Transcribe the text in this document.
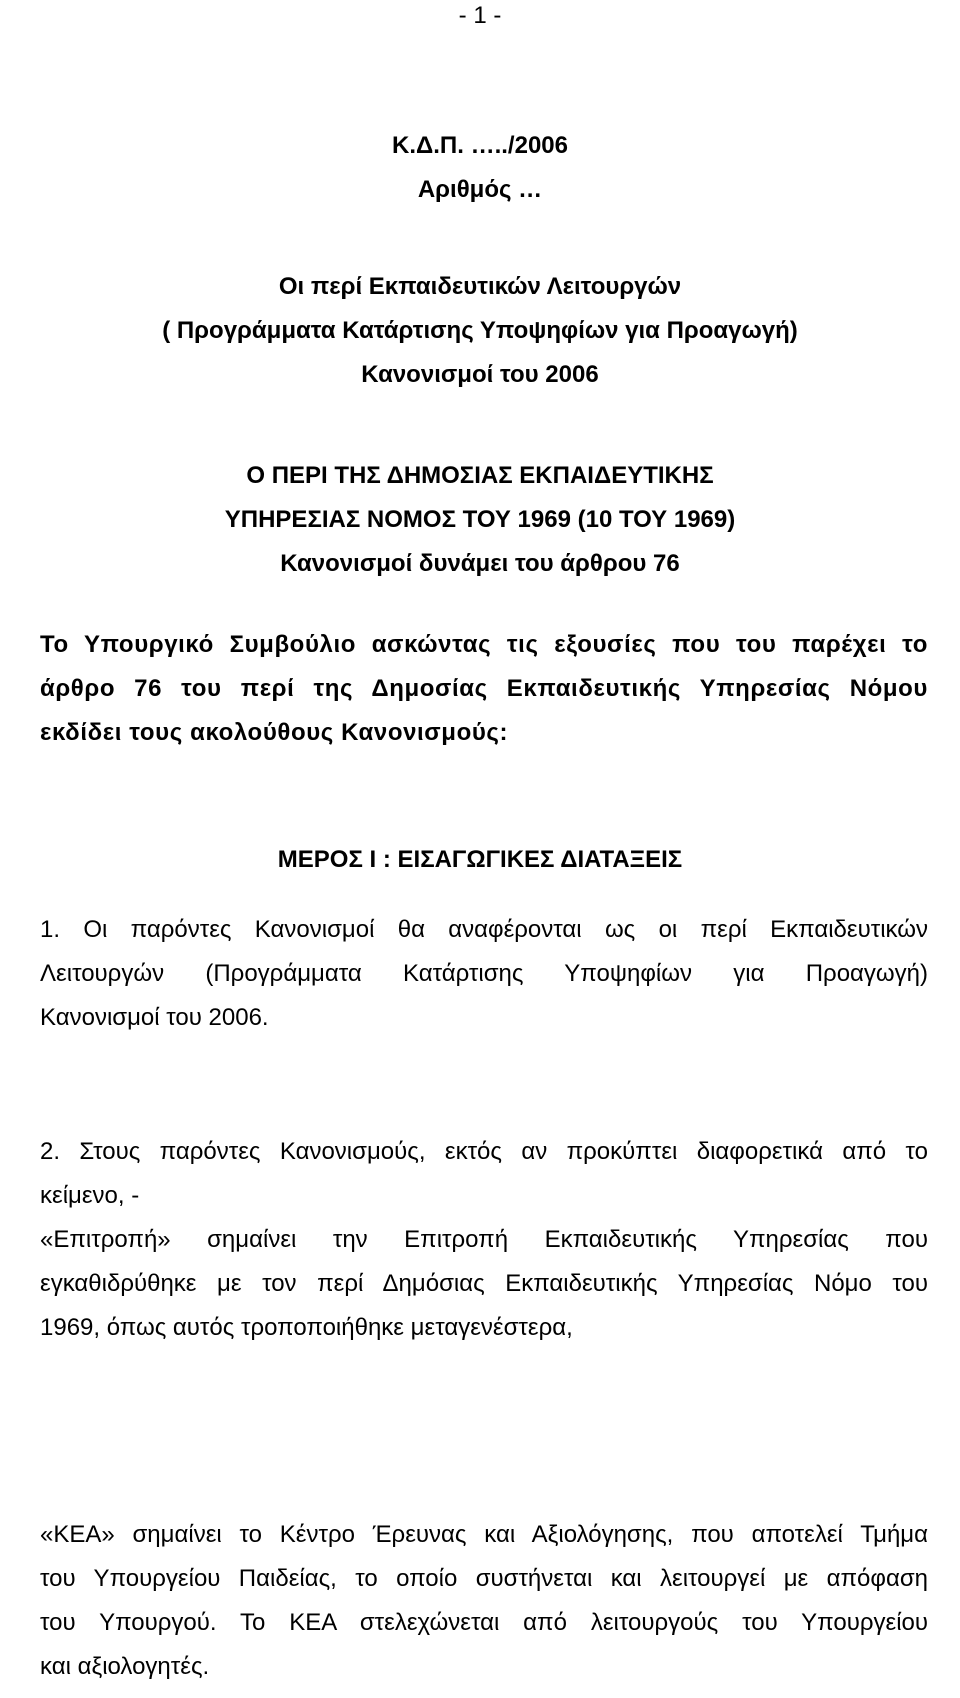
- 1 -
Κ.Δ.Π. …../2006
Αριθμός …
Οι περί Εκπαιδευτικών Λειτουργών
( Προγράμματα Κατάρτισης Υποψηφίων για Προαγωγή)
Κανονισμοί του 2006
Ο ΠΕΡΙ ΤΗΣ ΔΗΜΟΣΙΑΣ ΕΚΠΑΙΔΕΥΤΙΚΗΣ
ΥΠΗΡΕΣΙΑΣ ΝΟΜΟΣ ΤΟΥ 1969 (10 ΤΟΥ 1969)
Κανονισμοί δυνάμει του άρθρου 76
Το Υπουργικό Συμβούλιο ασκώντας τις εξουσίες που του παρέχει το
άρθρο 76 του περί της Δημοσίας Εκπαιδευτικής Υπηρεσίας Νόμου
εκδίδει τους ακολούθους Κανονισμούς:
ΜΕΡΟΣ Ι : ΕΙΣΑΓΩΓΙΚΕΣ ΔΙΑΤΑΞΕΙΣ
1. Οι παρόντες Κανονισμοί θα αναφέρονται ως οι περί Εκπαιδευτικών
Λειτουργών (Προγράμματα Κατάρτισης Υποψηφίων για Προαγωγή)
Κανονισμοί του 2006.
2. Στους παρόντες Κανονισμούς, εκτός αν προκύπτει διαφορετικά από το
κείμενο, -
«Επιτροπή» σημαίνει την Επιτροπή Εκπαιδευτικής Υπηρεσίας που
εγκαθιδρύθηκε με τον περί Δημόσιας Εκπαιδευτικής Υπηρεσίας Νόμο του
1969, όπως αυτός τροποποιήθηκε μεταγενέστερα,
«ΚΕΑ» σημαίνει το Κέντρο Έρευνας και Αξιολόγησης, που αποτελεί Τμήμα
του Υπουργείου Παιδείας, το οποίο συστήνεται και λειτουργεί με απόφαση
του Υπουργού. Το ΚΕΑ στελεχώνεται από λειτουργούς του Υπουργείου
και αξιολογητές.
